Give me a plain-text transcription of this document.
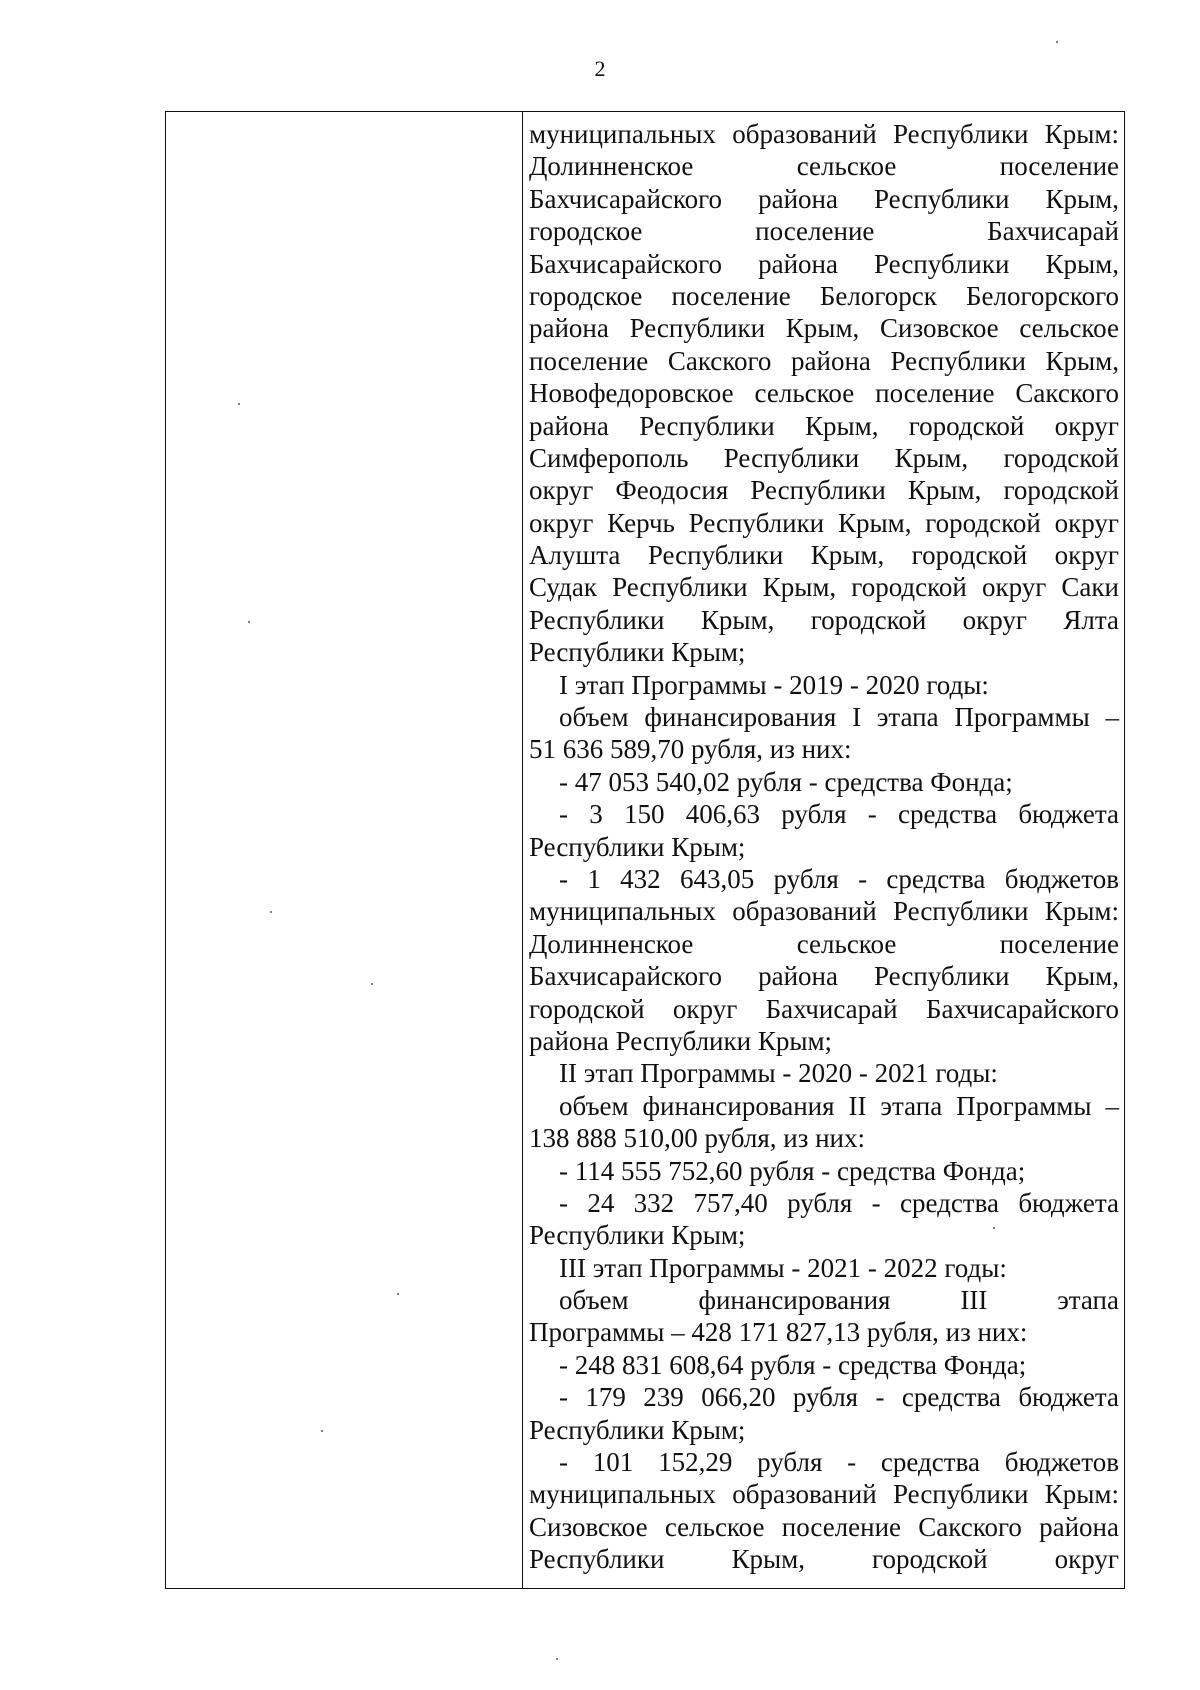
2
муниципальных образований Республики Крым:
Долинненское сельское поселение
Бахчисарайского района Республики Крым,
городское поселение Бахчисарай
Бахчисарайского района Республики Крым,
городское поселение Белогорск Белогорского
района Республики Крым, Сизовское сельское
поселение Сакского района Республики Крым,
Новофедоровское сельское поселение Сакского
района Республики Крым, городской округ
Симферополь Республики Крым, городской
округ Феодосия Республики Крым, городской
округ Керчь Республики Крым, городской округ
Алушта Республики Крым, городской округ
Судак Республики Крым, городской округ Саки
Республики Крым, городской округ Ялта
Республики Крым;
I этап Программы - 2019 - 2020 годы:
объем финансирования I этапа Программы –
51 636 589,70 рубля, из них:
- 47 053 540,02 рубля - средства Фонда;
- 3 150 406,63 рубля - средства бюджета
Республики Крым;
- 1 432 643,05 рубля - средства бюджетов
муниципальных образований Республики Крым:
Долинненское сельское поселение
Бахчисарайского района Республики Крым,
городской округ Бахчисарай Бахчисарайского
района Республики Крым;
II этап Программы - 2020 - 2021 годы:
объем финансирования II этапа Программы –
138 888 510,00 рубля, из них:
- 114 555 752,60 рубля - средства Фонда;
- 24 332 757,40 рубля - средства бюджета
Республики Крым;
III этап Программы - 2021 - 2022 годы:
объем финансирования III этапа
Программы – 428 171 827,13 рубля, из них:
- 248 831 608,64 рубля - средства Фонда;
- 179 239 066,20 рубля - средства бюджета
Республики Крым;
- 101 152,29 рубля - средства бюджетов
муниципальных образований Республики Крым:
Сизовское сельское поселение Сакского района
Республики Крым, городской округ
